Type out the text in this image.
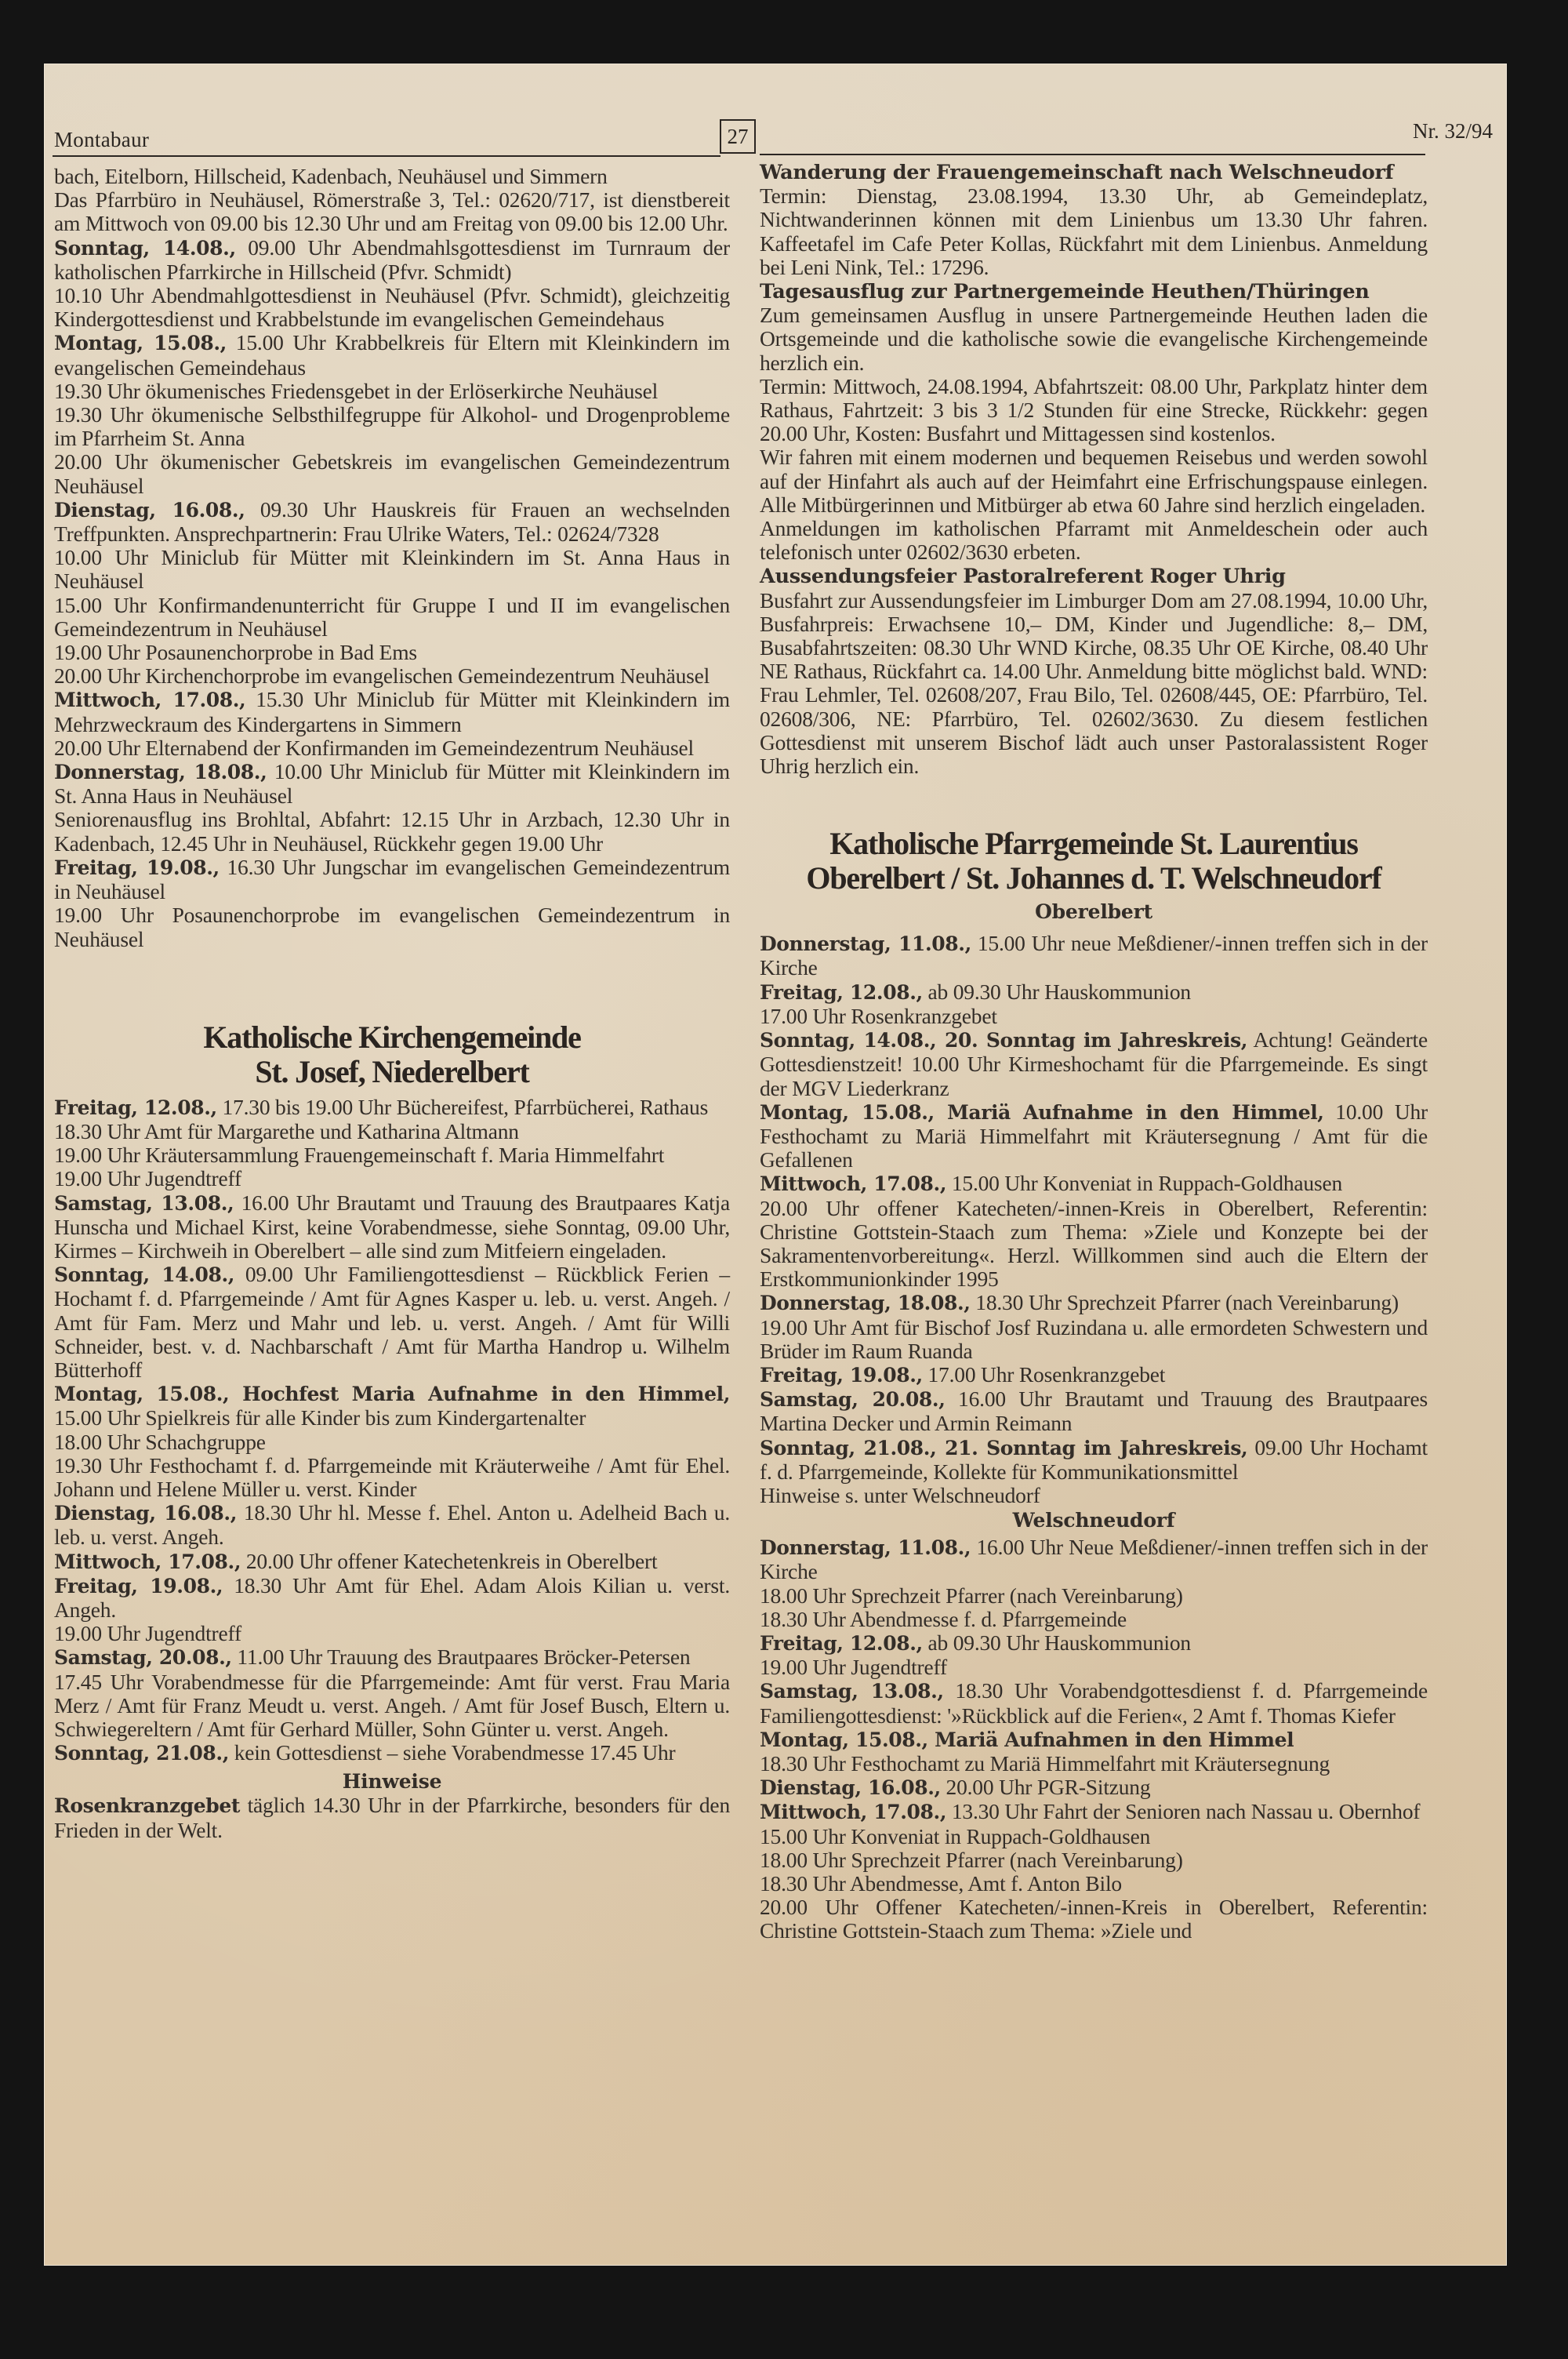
Montabaur	27	Nr. 32/94

bach, Eitelborn, Hillscheid, Kadenbach, Neuhäusel und Simmern

Das Pfarrbüro in Neuhäusel, Römerstraße 3, Tel.: 02620/717, ist dienstbereit am Mittwoch von 09.00 bis 12.30 Uhr und am Freitag von 09.00 bis 12.00 Uhr.

Sonntag, 14.08., 09.00 Uhr Abendmahlsgottesdienst im Turnraum der katholischen Pfarrkirche in Hillscheid (Pfvr. Schmidt)

10.10 Uhr Abendmahlgottesdienst in Neuhäusel (Pfvr. Schmidt), gleichzeitig Kindergottesdienst und Krabbelstunde im evangelischen Gemeindehaus

Montag, 15.08., 15.00 Uhr Krabbelkreis für Eltern mit Kleinkindern im evangelischen Gemeindehaus

19.30 Uhr ökumenisches Friedensgebet in der Erlöserkirche Neuhäusel

19.30 Uhr ökumenische Selbsthilfegruppe für Alkohol- und Drogenprobleme im Pfarrheim St. Anna

20.00 Uhr ökumenischer Gebetskreis im evangelischen Gemeindezentrum Neuhäusel

Dienstag, 16.08., 09.30 Uhr Hauskreis für Frauen an wechselnden Treffpunkten. Ansprechpartnerin: Frau Ulrike Waters, Tel.: 02624/7328

10.00 Uhr Miniclub für Mütter mit Kleinkindern im St. Anna Haus in Neuhäusel

15.00 Uhr Konfirmandenunterricht für Gruppe I und II im evangelischen Gemeindezentrum in Neuhäusel

19.00 Uhr Posaunenchorprobe in Bad Ems

20.00 Uhr Kirchenchorprobe im evangelischen Gemeindezentrum Neuhäusel

Mittwoch, 17.08., 15.30 Uhr Miniclub für Mütter mit Kleinkindern im Mehrzweckraum des Kindergartens in Simmern

20.00 Uhr Elternabend der Konfirmanden im Gemeindezentrum Neuhäusel

Donnerstag, 18.08., 10.00 Uhr Miniclub für Mütter mit Kleinkindern im St. Anna Haus in Neuhäusel

Seniorenausflug ins Brohltal, Abfahrt: 12.15 Uhr in Arzbach, 12.30 Uhr in Kadenbach, 12.45 Uhr in Neuhäusel, Rückkehr gegen 19.00 Uhr

Freitag, 19.08., 16.30 Uhr Jungschar im evangelischen Gemeindezentrum in Neuhäusel

19.00 Uhr Posaunenchorprobe im evangelischen Gemeindezentrum in Neuhäusel

Katholische Kirchengemeinde
St. Josef, Niederelbert

Freitag, 12.08., 17.30 bis 19.00 Uhr Büchereifest, Pfarrbücherei, Rathaus

18.30 Uhr Amt für Margarethe und Katharina Altmann

19.00 Uhr Kräutersammlung Frauengemeinschaft f. Maria Himmelfahrt

19.00 Uhr Jugendtreff

Samstag, 13.08., 16.00 Uhr Brautamt und Trauung des Brautpaares Katja Hunscha und Michael Kirst, keine Vorabendmesse, siehe Sonntag, 09.00 Uhr, Kirmes – Kirchweih in Oberelbert – alle sind zum Mitfeiern eingeladen.

Sonntag, 14.08., 09.00 Uhr Familiengottesdienst – Rückblick Ferien – Hochamt f. d. Pfarrgemeinde / Amt für Agnes Kasper u. leb. u. verst. Angeh. / Amt für Fam. Merz und Mahr und leb. u. verst. Angeh. / Amt für Willi Schneider, best. v. d. Nachbarschaft / Amt für Martha Handrop u. Wilhelm Bütterhoff

Montag, 15.08., Hochfest Maria Aufnahme in den Himmel, 15.00 Uhr Spielkreis für alle Kinder bis zum Kindergartenalter

18.00 Uhr Schachgruppe

19.30 Uhr Festhochamt f. d. Pfarrgemeinde mit Kräuterweihe / Amt für Ehel. Johann und Helene Müller u. verst. Kinder

Dienstag, 16.08., 18.30 Uhr hl. Messe f. Ehel. Anton u. Adelheid Bach u. leb. u. verst. Angeh.

Mittwoch, 17.08., 20.00 Uhr offener Katechetenkreis in Oberelbert

Freitag, 19.08., 18.30 Uhr Amt für Ehel. Adam Alois Kilian u. verst. Angeh.

19.00 Uhr Jugendtreff

Samstag, 20.08., 11.00 Uhr Trauung des Brautpaares Bröcker-Petersen

17.45 Uhr Vorabendmesse für die Pfarrgemeinde: Amt für verst. Frau Maria Merz / Amt für Franz Meudt u. verst. Angeh. / Amt für Josef Busch, Eltern u. Schwiegereltern / Amt für Gerhard Müller, Sohn Günter u. verst. Angeh.

Sonntag, 21.08., kein Gottesdienst – siehe Vorabendmesse 17.45 Uhr

Hinweise

Rosenkranzgebet täglich 14.30 Uhr in der Pfarrkirche, besonders für den Frieden in der Welt.

Wanderung der Frauengemeinschaft nach Welschneudorf

Termin: Dienstag, 23.08.1994, 13.30 Uhr, ab Gemeindeplatz, Nichtwanderinnen können mit dem Linienbus um 13.30 Uhr fahren. Kaffeetafel im Cafe Peter Kollas, Rückfahrt mit dem Linienbus. Anmeldung bei Leni Nink, Tel.: 17296.

Tagesausflug zur Partnergemeinde Heuthen/Thüringen

Zum gemeinsamen Ausflug in unsere Partnergemeinde Heuthen laden die Ortsgemeinde und die katholische sowie die evangelische Kirchengemeinde herzlich ein.

Termin: Mittwoch, 24.08.1994, Abfahrtszeit: 08.00 Uhr, Parkplatz hinter dem Rathaus, Fahrtzeit: 3 bis 3 1/2 Stunden für eine Strecke, Rückkehr: gegen 20.00 Uhr, Kosten: Busfahrt und Mittagessen sind kostenlos.

Wir fahren mit einem modernen und bequemen Reisebus und werden sowohl auf der Hinfahrt als auch auf der Heimfahrt eine Erfrischungspause einlegen. Alle Mitbürgerinnen und Mitbürger ab etwa 60 Jahre sind herzlich eingeladen.

Anmeldungen im katholischen Pfarramt mit Anmeldeschein oder auch telefonisch unter 02602/3630 erbeten.

Aussendungsfeier Pastoralreferent Roger Uhrig

Busfahrt zur Aussendungsfeier im Limburger Dom am 27.08.1994, 10.00 Uhr, Busfahrpreis: Erwachsene 10,– DM, Kinder und Jugendliche: 8,– DM, Busabfahrtszeiten: 08.30 Uhr WND Kirche, 08.35 Uhr OE Kirche, 08.40 Uhr NE Rathaus, Rückfahrt ca. 14.00 Uhr. Anmeldung bitte möglichst bald. WND: Frau Lehmler, Tel. 02608/207, Frau Bilo, Tel. 02608/445, OE: Pfarrbüro, Tel. 02608/306, NE: Pfarrbüro, Tel. 02602/3630. Zu diesem festlichen Gottesdienst mit unserem Bischof lädt auch unser Pastoralassistent Roger Uhrig herzlich ein.

Katholische Pfarrgemeinde St. Laurentius
Oberelbert / St. Johannes d. T. Welschneudorf
Oberelbert

Donnerstag, 11.08., 15.00 Uhr neue Meßdiener/-innen treffen sich in der Kirche

Freitag, 12.08., ab 09.30 Uhr Hauskommunion

17.00 Uhr Rosenkranzgebet

Sonntag, 14.08., 20. Sonntag im Jahreskreis, Achtung! Geänderte Gottesdienstzeit! 10.00 Uhr Kirmeshochamt für die Pfarrgemeinde. Es singt der MGV Liederkranz

Montag, 15.08., Mariä Aufnahme in den Himmel, 10.00 Uhr Festhochamt zu Mariä Himmelfahrt mit Kräutersegnung / Amt für die Gefallenen

Mittwoch, 17.08., 15.00 Uhr Konveniat in Ruppach-Goldhausen

20.00 Uhr offener Katecheten/-innen-Kreis in Oberelbert, Referentin: Christine Gottstein-Staach zum Thema: »Ziele und Konzepte bei der Sakramentenvorbereitung«. Herzl. Willkommen sind auch die Eltern der Erstkommunionkinder 1995

Donnerstag, 18.08., 18.30 Uhr Sprechzeit Pfarrer (nach Vereinbarung)

19.00 Uhr Amt für Bischof Josf Ruzindana u. alle ermordeten Schwestern und Brüder im Raum Ruanda

Freitag, 19.08., 17.00 Uhr Rosenkranzgebet

Samstag, 20.08., 16.00 Uhr Brautamt und Trauung des Brautpaares Martina Decker und Armin Reimann

Sonntag, 21.08., 21. Sonntag im Jahreskreis, 09.00 Uhr Hochamt f. d. Pfarrgemeinde, Kollekte für Kommunikationsmittel

Hinweise s. unter Welschneudorf

Welschneudorf

Donnerstag, 11.08., 16.00 Uhr Neue Meßdiener/-innen treffen sich in der Kirche

18.00 Uhr Sprechzeit Pfarrer (nach Vereinbarung)

18.30 Uhr Abendmesse f. d. Pfarrgemeinde

Freitag, 12.08., ab 09.30 Uhr Hauskommunion

19.00 Uhr Jugendtreff

Samstag, 13.08., 18.30 Uhr Vorabendgottesdienst f. d. Pfarrgemeinde Familiengottesdienst: '»Rückblick auf die Ferien«, 2 Amt f. Thomas Kiefer

Montag, 15.08., Mariä Aufnahmen in den Himmel

18.30 Uhr Festhochamt zu Mariä Himmelfahrt mit Kräutersegnung

Dienstag, 16.08., 20.00 Uhr PGR-Sitzung

Mittwoch, 17.08., 13.30 Uhr Fahrt der Senioren nach Nassau u. Obernhof

15.00 Uhr Konveniat in Ruppach-Goldhausen

18.00 Uhr Sprechzeit Pfarrer (nach Vereinbarung)

18.30 Uhr Abendmesse, Amt f. Anton Bilo

20.00 Uhr Offener Katecheten/-innen-Kreis in Oberelbert, Referentin: Christine Gottstein-Staach zum Thema: »Ziele und
